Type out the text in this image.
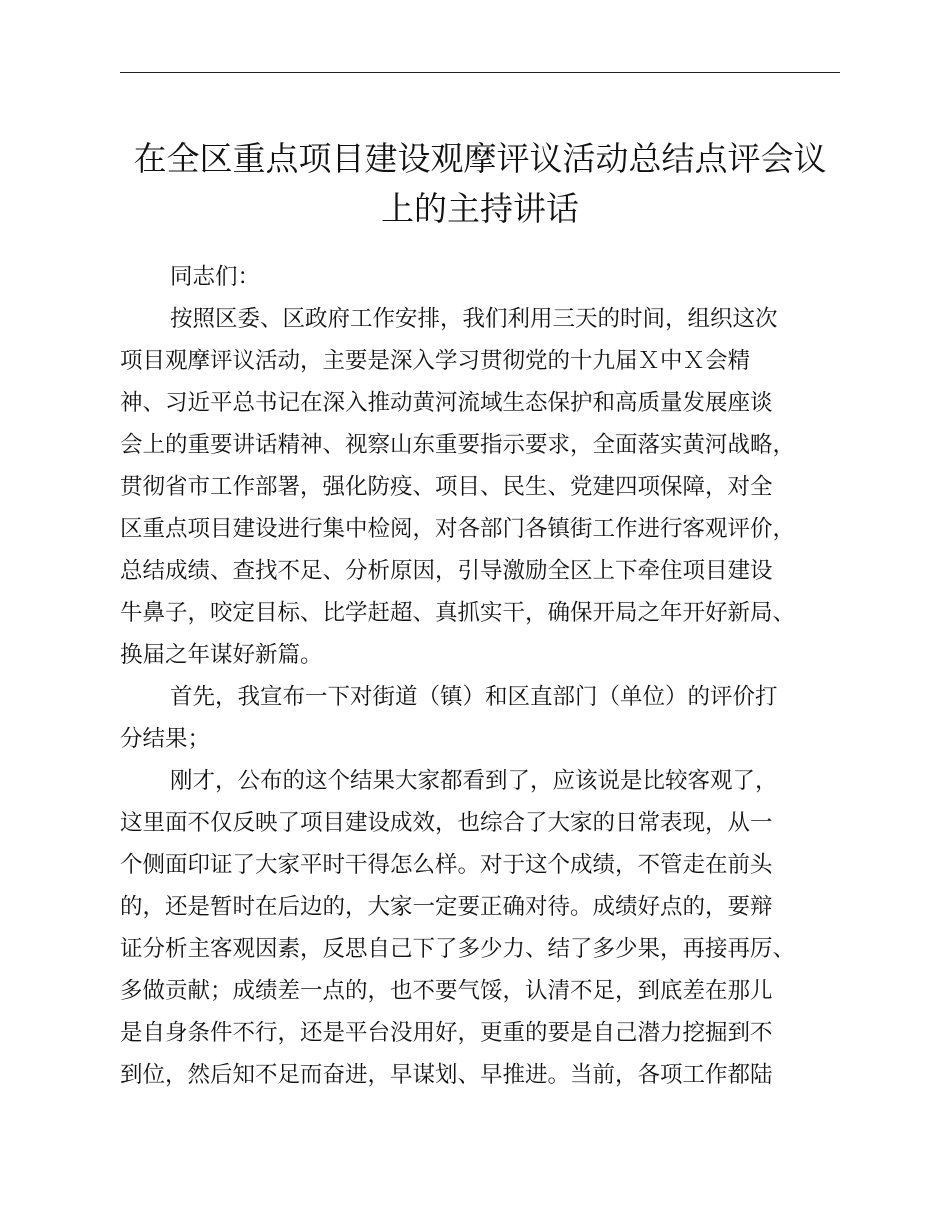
在全区重点项目建设观摩评议活动总结点评会议
上的主持讲话
同志们：
按照区委、区政府工作安排，我们利用三天的时间，组织这次
项目观摩评议活动，主要是深入学习贯彻党的十九届Ｘ中Ｘ会精
神、习近平总书记在深入推动黄河流域生态保护和高质量发展座谈
会上的重要讲话精神、视察山东重要指示要求，全面落实黄河战略，
贯彻省市工作部署，强化防疫、项目、民生、党建四项保障，对全
区重点项目建设进行集中检阅，对各部门各镇街工作进行客观评价，
总结成绩、查找不足、分析原因，引导激励全区上下牵住项目建设
牛鼻子，咬定目标、比学赶超、真抓实干，确保开局之年开好新局、
换届之年谋好新篇。
首先，我宣布一下对街道（镇）和区直部门（单位）的评价打
分结果；
刚才，公布的这个结果大家都看到了，应该说是比较客观了，
这里面不仅反映了项目建设成效，也综合了大家的日常表现，从一
个侧面印证了大家平时干得怎么样。对于这个成绩，不管走在前头
的，还是暂时在后边的，大家一定要正确对待。成绩好点的，要辩
证分析主客观因素，反思自己下了多少力、结了多少果，再接再厉、
多做贡献；成绩差一点的，也不要气馁，认清不足，到底差在那儿
是自身条件不行，还是平台没用好，更重的要是自己潜力挖掘到不
到位，然后知不足而奋进，早谋划、早推进。当前，各项工作都陆
